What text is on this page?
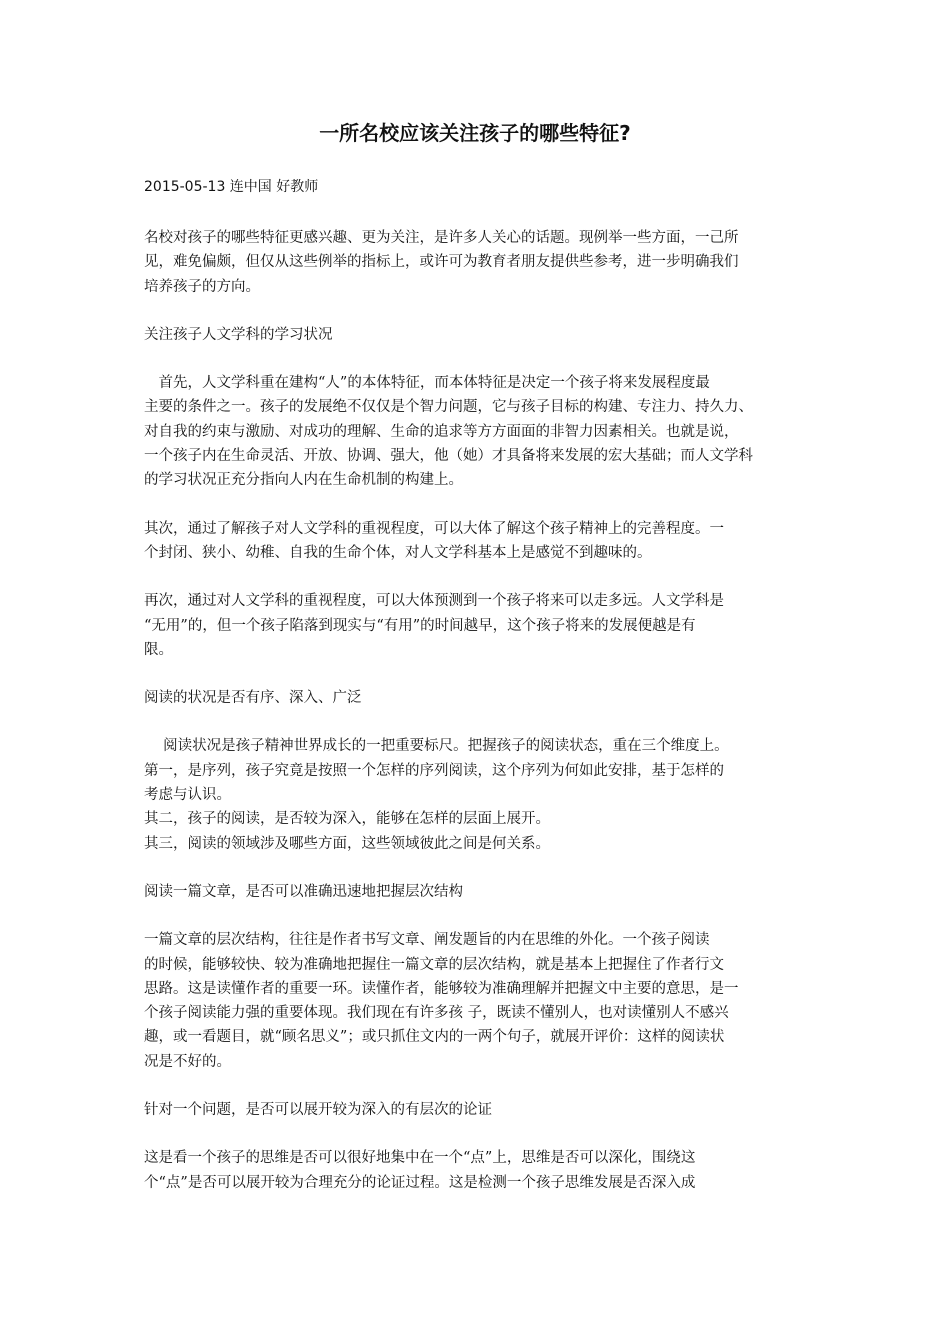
一所名校应该关注孩子的哪些特征?

2015-05-13 连中国 好教师

名校对孩子的哪些特征更感兴趣、更为关注，是许多人关心的话题。现例举一些方面，一己所
见，难免偏颇，但仅从这些例举的指标上，或许可为教育者朋友提供些参考，进一步明确我们
培养孩子的方向。

关注孩子人文学科的学习状况

　首先，人文学科重在建构“人”的本体特征，而本体特征是决定一个孩子将来发展程度最
主要的条件之一。孩子的发展绝不仅仅是个智力问题，它与孩子目标的构建、专注力、持久力、
对自我的约束与激励、对成功的理解、生命的追求等方方面面的非智力因素相关。也就是说，
一个孩子内在生命灵活、开放、协调、强大，他（她）才具备将来发展的宏大基础；而人文学科
的学习状况正充分指向人内在生命机制的构建上。

其次，通过了解孩子对人文学科的重视程度，可以大体了解这个孩子精神上的完善程度。一
个封闭、狭小、幼稚、自我的生命个体，对人文学科基本上是感觉不到趣味的。

再次，通过对人文学科的重视程度，可以大体预测到一个孩子将来可以走多远。人文学科是
“无用”的，但一个孩子陷落到现实与“有用”的时间越早，这个孩子将来的发展便越是有
限。

阅读的状况是否有序、深入、广泛

　 阅读状况是孩子精神世界成长的一把重要标尺。把握孩子的阅读状态，重在三个维度上。
第一，是序列，孩子究竟是按照一个怎样的序列阅读，这个序列为何如此安排，基于怎样的
考虑与认识。
其二，孩子的阅读，是否较为深入，能够在怎样的层面上展开。
其三，阅读的领域涉及哪些方面，这些领域彼此之间是何关系。

阅读一篇文章，是否可以准确迅速地把握层次结构

一篇文章的层次结构，往往是作者书写文章、阐发题旨的内在思维的外化。一个孩子阅读
的时候，能够较快、较为准确地把握住一篇文章的层次结构，就是基本上把握住了作者行文
思路。这是读懂作者的重要一环。读懂作者，能够较为准确理解并把握文中主要的意思，是一
个孩子阅读能力强的重要体现。我们现在有许多孩 子，既读不懂别人，也对读懂别人不感兴
趣，或一看题目，就“顾名思义”；或只抓住文内的一两个句子，就展开评价：这样的阅读状
况是不好的。

针对一个问题，是否可以展开较为深入的有层次的论证

这是看一个孩子的思维是否可以很好地集中在一个“点”上，思维是否可以深化，围绕这
个“点”是否可以展开较为合理充分的论证过程。这是检测一个孩子思维发展是否深入成
